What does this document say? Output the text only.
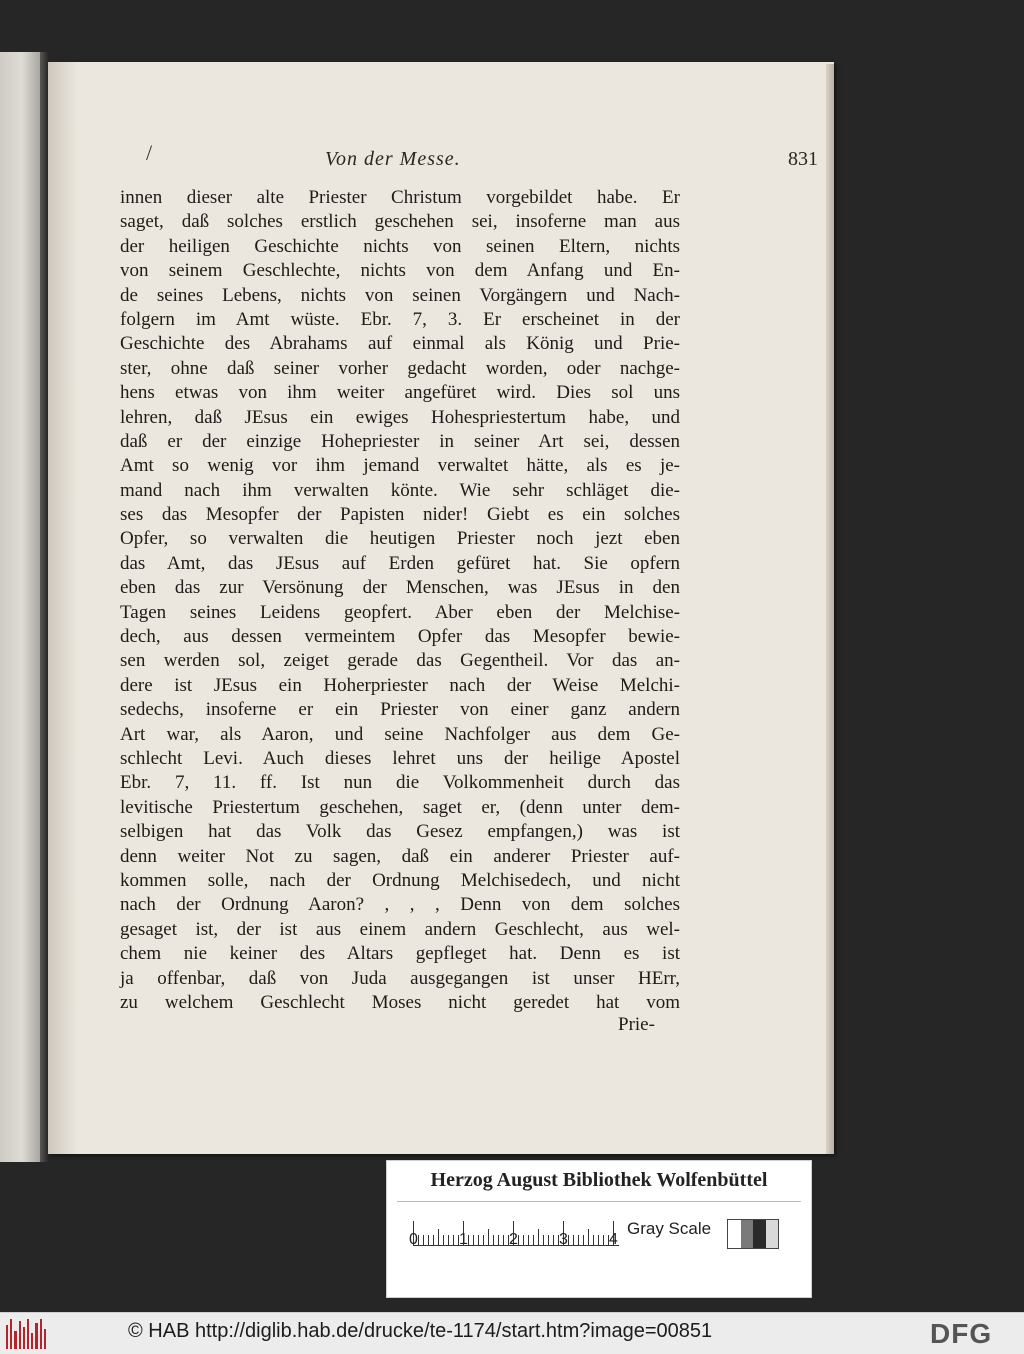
/	Von der Messe.	831
innen dieser alte Priester Christum vorgebildet habe. Er
saget, daß solches erstlich geschehen sei, insoferne man aus
der heiligen Geschichte nichts von seinen Eltern, nichts
von seinem Geschlechte, nichts von dem Anfang und En-
de seines Lebens, nichts von seinen Vorgängern und Nach-
folgern im Amt wüste. Ebr. 7, 3. Er erscheinet in der
Geschichte des Abrahams auf einmal als König und Prie-
ster, ohne daß seiner vorher gedacht worden, oder nachge-
hens etwas von ihm weiter angefüret wird. Dies sol uns
lehren, daß JEsus ein ewiges Hohespriestertum habe, und
daß er der einzige Hohepriester in seiner Art sei, dessen
Amt so wenig vor ihm jemand verwaltet hätte, als es je-
mand nach ihm verwalten könte. Wie sehr schläget die-
ses das Mesopfer der Papisten nider! Giebt es ein solches
Opfer, so verwalten die heutigen Priester noch jezt eben
das Amt, das JEsus auf Erden gefüret hat. Sie opfern
eben das zur Versönung der Menschen, was JEsus in den
Tagen seines Leidens geopfert. Aber eben der Melchise-
dech, aus dessen vermeintem Opfer das Mesopfer bewie-
sen werden sol, zeiget gerade das Gegentheil. Vor das an-
dere ist JEsus ein Hoherpriester nach der Weise Melchi-
sedechs, insoferne er ein Priester von einer ganz andern
Art war, als Aaron, und seine Nachfolger aus dem Ge-
schlecht Levi. Auch dieses lehret uns der heilige Apostel
Ebr. 7, 11. ff. Ist nun die Volkommenheit durch das
levitische Priestertum geschehen, saget er, (denn unter dem-
selbigen hat das Volk das Gesez empfangen,) was ist
denn weiter Not zu sagen, daß ein anderer Priester auf-
kommen solle, nach der Ordnung Melchisedech, und nicht
nach der Ordnung Aaron? , , , Denn von dem solches
gesaget ist, der ist aus einem andern Geschlecht, aus wel-
chem nie keiner des Altars gepfleget hat. Denn es ist
ja offenbar, daß von Juda ausgegangen ist unser HErr,
zu welchem Geschlecht Moses nicht geredet hat vom
Prie-
Herzog August Bibliothek Wolfenbüttel
0	1	2	3	4
Gray Scale
© HAB http://diglib.hab.de/drucke/te-1174/start.htm?image=00851	DFG
